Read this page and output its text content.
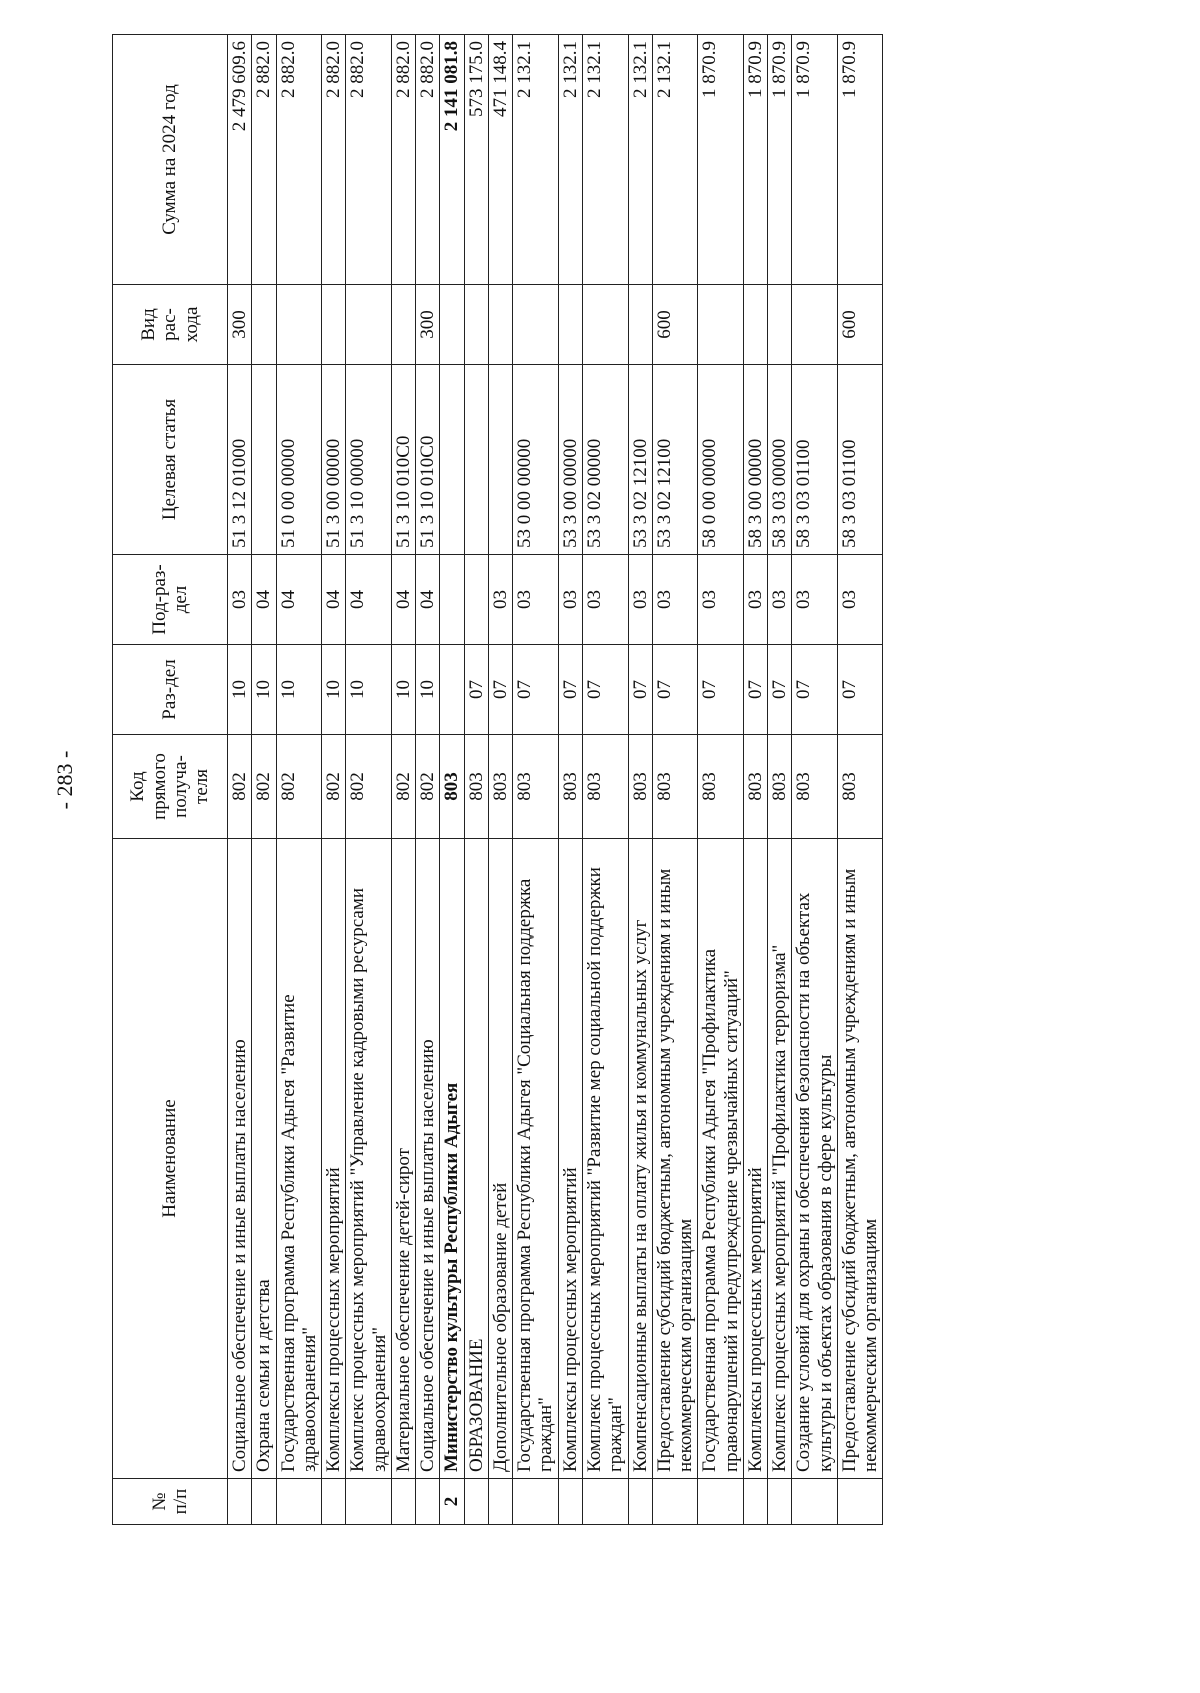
- 283 -
№ п/п	Наименование	Код прямого получа-теля	Раз-дел	Под-раз-дел	Целевая статья	Вид рас-хода	Сумма на 2024 год
	Социальное обеспечение и иные выплаты населению	802	10	03	51 3 12 01000	300	2 479 609.6
	Охрана семьи и детства	802	10	04			2 882.0
	Государственная программа Республики Адыгея "Развитие здравоохранения"	802	10	04	51 0 00 00000		2 882.0
	Комплексы процессных мероприятий	802	10	04	51 3 00 00000		2 882.0
	Комплекс процессных мероприятий "Управление кадровыми ресурсами здравоохранения"	802	10	04	51 3 10 00000		2 882.0
	Материальное обеспечение детей-сирот	802	10	04	51 3 10 010С0		2 882.0
	Социальное обеспечение и иные выплаты населению	802	10	04	51 3 10 010С0	300	2 882.0
2	Министерство культуры Республики Адыгея	803					2 141 081.8
	ОБРАЗОВАНИЕ	803	07				573 175.0
	Дополнительное образование детей	803	07	03			471 148.4
	Государственная программа Республики Адыгея "Социальная поддержка граждан"	803	07	03	53 0 00 00000		2 132.1
	Комплексы процессных мероприятий	803	07	03	53 3 00 00000		2 132.1
	Комплекс процессных мероприятий "Развитие мер социальной поддержки граждан"	803	07	03	53 3 02 00000		2 132.1
	Компенсационные выплаты на оплату жилья и коммунальных услуг	803	07	03	53 3 02 12100		2 132.1
	Предоставление субсидий бюджетным, автономным учреждениям и иным некоммерческим организациям	803	07	03	53 3 02 12100	600	2 132.1
	Государственная программа Республики Адыгея "Профилактика правонарушений и предупреждение чрезвычайных ситуаций"	803	07	03	58 0 00 00000		1 870.9
	Комплексы процессных мероприятий	803	07	03	58 3 00 00000		1 870.9
	Комплекс процессных мероприятий "Профилактика терроризма"	803	07	03	58 3 03 00000		1 870.9
	Создание условий для охраны и обеспечения безопасности на объектах культуры и объектах образования в сфере культуры	803	07	03	58 3 03 01100		1 870.9
	Предоставление субсидий бюджетным, автономным учреждениям и иным некоммерческим организациям	803	07	03	58 3 03 01100	600	1 870.9
